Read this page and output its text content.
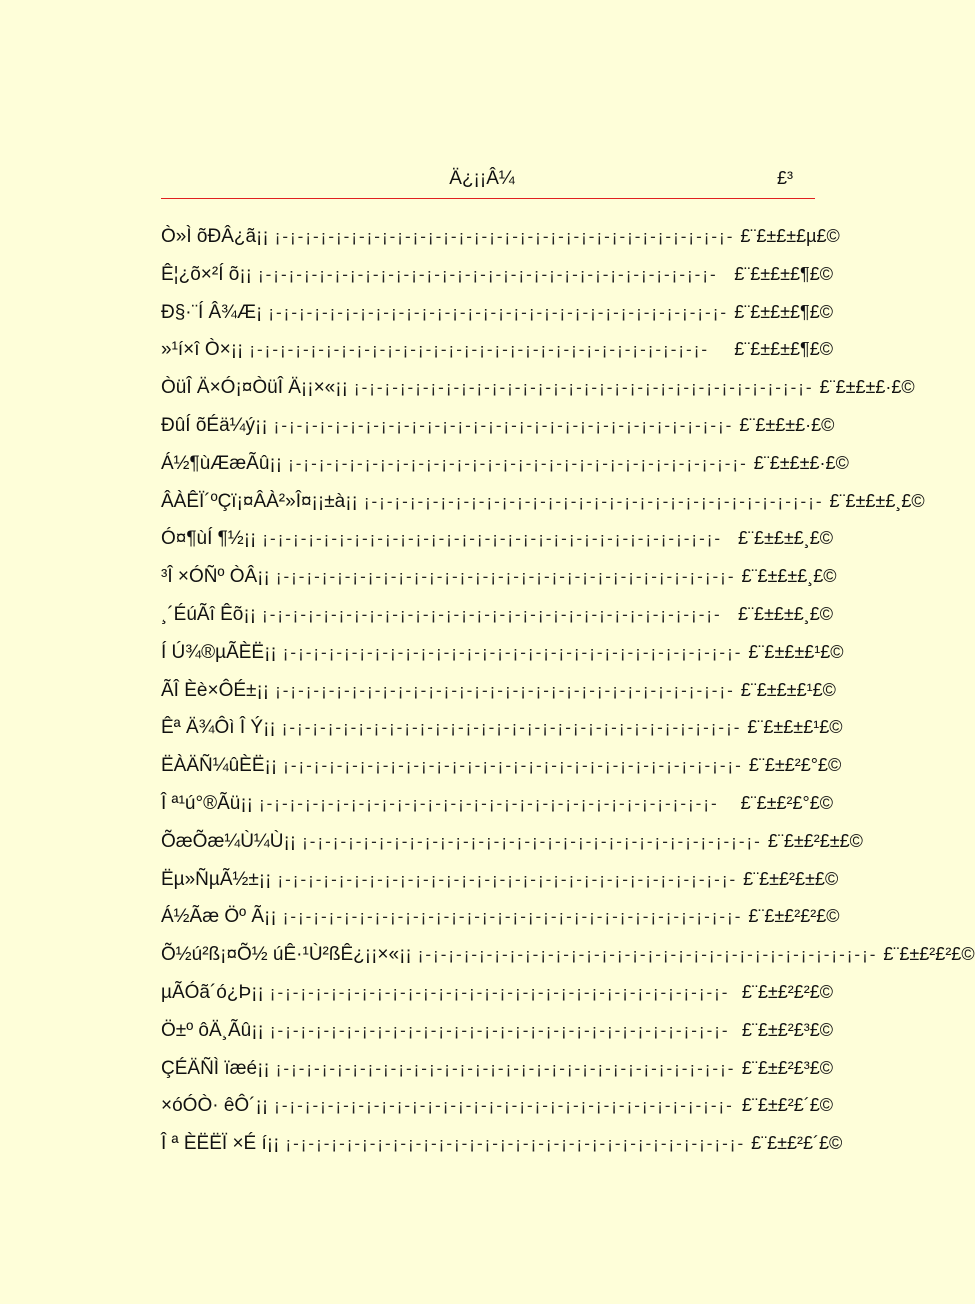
Ä¿¡¡Â¼	£³
Ò»Ì õÐÂ¿ã¡¡ ¡-¡-¡-¡-¡-¡-¡-¡-¡-¡-¡-¡-¡-¡-¡-¡-¡-¡-¡-¡-¡-¡-¡-¡-¡-¡-¡-¡-¡-¡- £¨£±£±£µ£©
Ê¦¿õ×²Í õ¡¡ ¡-¡-¡-¡-¡-¡-¡-¡-¡-¡-¡-¡-¡-¡-¡-¡-¡-¡-¡-¡-¡-¡-¡-¡-¡-¡-¡-¡-¡-¡- £¨£±£±£¶£©
Ð§·¨Í Â¾Æ¡ ¡-¡-¡-¡-¡-¡-¡-¡-¡-¡-¡-¡-¡-¡-¡-¡-¡-¡-¡-¡-¡-¡-¡-¡-¡-¡-¡-¡-¡-¡- £¨£±£±£¶£©
»¹í×î Ò×¡¡ ¡-¡-¡-¡-¡-¡-¡-¡-¡-¡-¡-¡-¡-¡-¡-¡-¡-¡-¡-¡-¡-¡-¡-¡-¡-¡-¡-¡-¡-¡-	£¨£±£±£¶£©
ÒüÎ Ä×Ó¡¤ÒüÎ Ä¡¡×«¡¡ ¡-¡-¡-¡-¡-¡-¡-¡-¡-¡-¡-¡-¡-¡-¡-¡-¡-¡-¡-¡-¡-¡-¡-¡-¡-¡-¡-¡-¡-¡- £¨£±£±£·£©
ÐûÍ õÉä¼ý¡¡ ¡-¡-¡-¡-¡-¡-¡-¡-¡-¡-¡-¡-¡-¡-¡-¡-¡-¡-¡-¡-¡-¡-¡-¡-¡-¡-¡-¡-¡-¡- £¨£±£±£·£©
Á½¶ùÆæÃû¡¡ ¡-¡-¡-¡-¡-¡-¡-¡-¡-¡-¡-¡-¡-¡-¡-¡-¡-¡-¡-¡-¡-¡-¡-¡-¡-¡-¡-¡-¡-¡- £¨£±£±£·£©
ÂÀÊÏ´ºÇï¡¤ÂÀ²»Î¤¡¡±à¡¡ ¡-¡-¡-¡-¡-¡-¡-¡-¡-¡-¡-¡-¡-¡-¡-¡-¡-¡-¡-¡-¡-¡-¡-¡-¡-¡-¡-¡-¡-¡- £¨£±£±£¸£©
Ó¤¶ùÍ ¶½¡¡ ¡-¡-¡-¡-¡-¡-¡-¡-¡-¡-¡-¡-¡-¡-¡-¡-¡-¡-¡-¡-¡-¡-¡-¡-¡-¡-¡-¡-¡-¡- £¨£±£±£¸£©
³Î ×ÓÑº ÒÂ¡¡ ¡-¡-¡-¡-¡-¡-¡-¡-¡-¡-¡-¡-¡-¡-¡-¡-¡-¡-¡-¡-¡-¡-¡-¡-¡-¡-¡-¡-¡-¡- £¨£±£±£¸£©
¸´ÉúÃî Êõ¡¡ ¡-¡-¡-¡-¡-¡-¡-¡-¡-¡-¡-¡-¡-¡-¡-¡-¡-¡-¡-¡-¡-¡-¡-¡-¡-¡-¡-¡-¡-¡- £¨£±£±£¸£©
Í Ú¾®µÃÈË¡¡ ¡-¡-¡-¡-¡-¡-¡-¡-¡-¡-¡-¡-¡-¡-¡-¡-¡-¡-¡-¡-¡-¡-¡-¡-¡-¡-¡-¡-¡-¡- £¨£±£±£¹£©
ÃÎ Èè×ÔÉ±¡¡ ¡-¡-¡-¡-¡-¡-¡-¡-¡-¡-¡-¡-¡-¡-¡-¡-¡-¡-¡-¡-¡-¡-¡-¡-¡-¡-¡-¡-¡-¡- £¨£±£±£¹£©
Êª Ä¾Ôì Î Ý¡¡ ¡-¡-¡-¡-¡-¡-¡-¡-¡-¡-¡-¡-¡-¡-¡-¡-¡-¡-¡-¡-¡-¡-¡-¡-¡-¡-¡-¡-¡-¡- £¨£±£±£¹£©
ËÀÄÑ¼ûÈË¡¡ ¡-¡-¡-¡-¡-¡-¡-¡-¡-¡-¡-¡-¡-¡-¡-¡-¡-¡-¡-¡-¡-¡-¡-¡-¡-¡-¡-¡-¡-¡- £¨£±£²£°£©
Î ª¹ú°®Ãü¡¡ ¡-¡-¡-¡-¡-¡-¡-¡-¡-¡-¡-¡-¡-¡-¡-¡-¡-¡-¡-¡-¡-¡-¡-¡-¡-¡-¡-¡-¡-¡-	£¨£±£²£°£©
ÕæÕæ¼Ù¼Ù¡¡ ¡-¡-¡-¡-¡-¡-¡-¡-¡-¡-¡-¡-¡-¡-¡-¡-¡-¡-¡-¡-¡-¡-¡-¡-¡-¡-¡-¡-¡-¡- £¨£±£²£±£©
Ëµ»ÑµÃ½±¡¡ ¡-¡-¡-¡-¡-¡-¡-¡-¡-¡-¡-¡-¡-¡-¡-¡-¡-¡-¡-¡-¡-¡-¡-¡-¡-¡-¡-¡-¡-¡- £¨£±£²£±£©
Á½Ãæ Öº Ã¡¡ ¡-¡-¡-¡-¡-¡-¡-¡-¡-¡-¡-¡-¡-¡-¡-¡-¡-¡-¡-¡-¡-¡-¡-¡-¡-¡-¡-¡-¡-¡- £¨£±£²£²£©
Õ½ú²ß¡¤Õ½ úÊ·¹Ù²ßÊ¿¡¡×«¡¡ ¡-¡-¡-¡-¡-¡-¡-¡-¡-¡-¡-¡-¡-¡-¡-¡-¡-¡-¡-¡-¡-¡-¡-¡-¡-¡-¡-¡-¡-¡- £¨£±£²£²£©
µÃÓã´ó¿Þ¡¡ ¡-¡-¡-¡-¡-¡-¡-¡-¡-¡-¡-¡-¡-¡-¡-¡-¡-¡-¡-¡-¡-¡-¡-¡-¡-¡-¡-¡-¡-¡- £¨£±£²£²£©
Ö±º ôÄ¸Ãû¡¡ ¡-¡-¡-¡-¡-¡-¡-¡-¡-¡-¡-¡-¡-¡-¡-¡-¡-¡-¡-¡-¡-¡-¡-¡-¡-¡-¡-¡-¡-¡- £¨£±£²£³£©
ÇÉÄÑÌ ïæé¡¡ ¡-¡-¡-¡-¡-¡-¡-¡-¡-¡-¡-¡-¡-¡-¡-¡-¡-¡-¡-¡-¡-¡-¡-¡-¡-¡-¡-¡-¡-¡- £¨£±£²£³£©
×óÓÒ· êÔ´¡¡ ¡-¡-¡-¡-¡-¡-¡-¡-¡-¡-¡-¡-¡-¡-¡-¡-¡-¡-¡-¡-¡-¡-¡-¡-¡-¡-¡-¡-¡-¡- £¨£±£²£´£©
Î ª ÈËËÏ ×É í¡¡ ¡-¡-¡-¡-¡-¡-¡-¡-¡-¡-¡-¡-¡-¡-¡-¡-¡-¡-¡-¡-¡-¡-¡-¡-¡-¡-¡-¡-¡-¡- £¨£±£²£´£©
